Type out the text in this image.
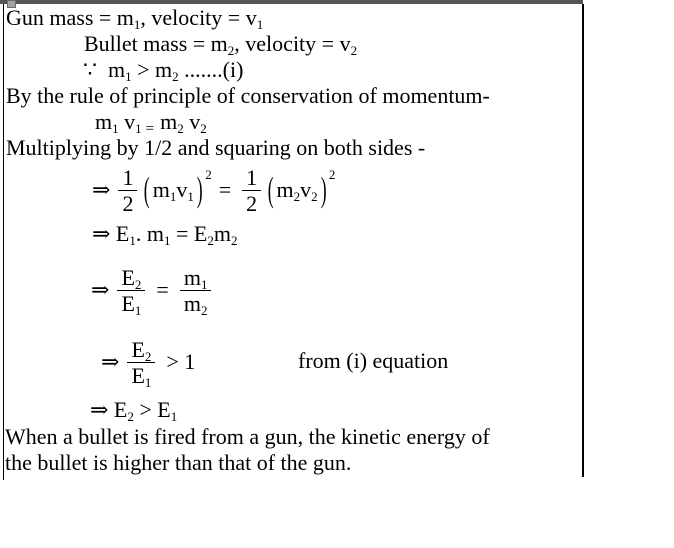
Gun mass = m1, velocity = v1
Bullet mass = m2, velocity = v2
∵  m1 > m2 .......(i)
By the rule of principle of conservation of momentum-
m1 v1 = m2 v2
Multiplying by 1/2 and squaring on both sides -
⇒ $\frac{1}{2}$ ( m1v1 ) 2
= $\frac{1}{2}$ ( m2v2 ) 2
⇒ E1. m1 = E2m2
⇒ $\frac{E2}{E1} = \frac{m1}{m2}$
⇒ $\frac{E2}{E1} > 1$	from (i) equation
⇒ E2 > E1
When a bullet is fired from a gun, the kinetic energy of
the bullet is higher than that of the gun.
